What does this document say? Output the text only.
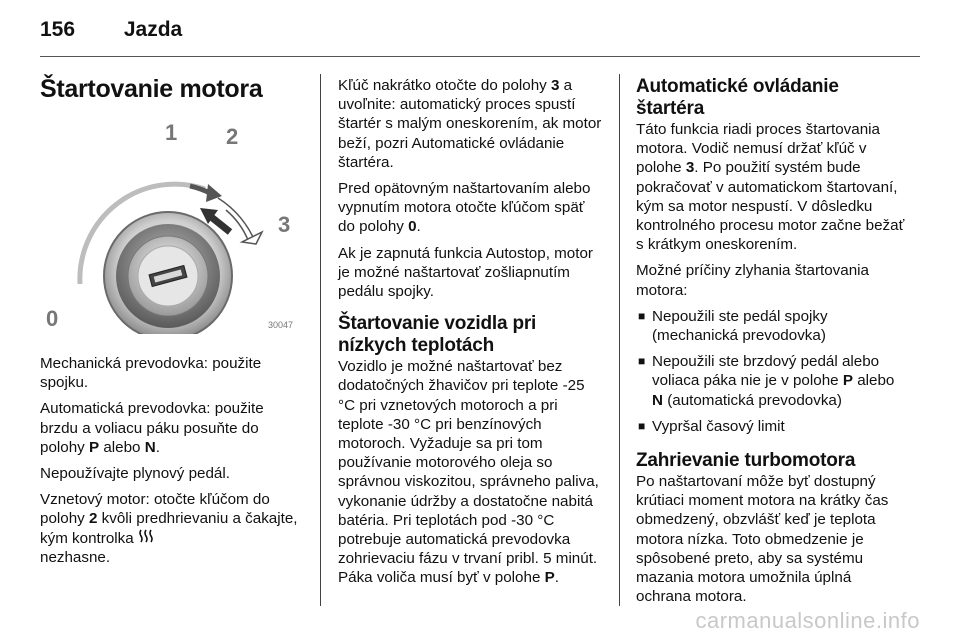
156 Jazda
Štartovanie motora
1 2
3
0	30047

Mechanická prevodovka: použite spojku.

Automatická prevodovka: použite brzdu a voliacu páku posuňte do polohy P alebo N.

Nepoužívajte plynový pedál.

Vznetový motor: otočte kľúčom do polohy 2 kvôli predhrievaniu a čakajte, kým kontrolka
nezhasne.

Kľúč nakrátko otočte do polohy 3 a uvoľnite: automatický proces spustí štartér s malým oneskorením, ak motor beží, pozri Automatické ovládanie štartéra.

Pred opätovným naštartovaním alebo vypnutím motora otočte kľúčom späť do polohy 0.

Ak je zapnutá funkcia Autostop, motor je možné naštartovať zošliapnutím pedálu spojky.

Štartovanie vozidla pri nízkych teplotách

Vozidlo je možné naštartovať bez dodatočných žhavičov pri teplote -25 °C pri vznetových motoroch a pri teplote -30 °C pri benzínových motoroch. Vyžaduje sa pri tom používanie motorového oleja so správnou viskozitou, správneho paliva, vykonanie údržby a dostatočne nabitá batéria. Pri teplotách pod -30 °C potrebuje automatická prevodovka zohrievaciu fázu v trvaní pribl. 5 minút. Páka voliča musí byť v polohe P.

Automatické ovládanie štartéra

Táto funkcia riadi proces štartovania motora. Vodič nemusí držať kľúč v polohe 3. Po použití systém bude pokračovať v automatickom štartovaní, kým sa motor nespustí. V dôsledku kontrolného procesu motor začne bežať s krátkym oneskorením.

Možné príčiny zlyhania štartovania motora:

■ Nepoužili ste pedál spojky (mechanická prevodovka)
■ Nepoužili ste brzdový pedál alebo voliaca páka nie je v polohe P alebo N (automatická prevodovka)
■ Vypršal časový limit
Zahrievanie turbomotora

Po naštartovaní môže byť dostupný krútiaci moment motora na krátky čas obmedzený, obzvlášť keď je teplota motora nízka. Toto obmedzenie je spôsobené preto, aby sa systému mazania motora umožnila úplná ochrana motora.

carmanualsonline.info
